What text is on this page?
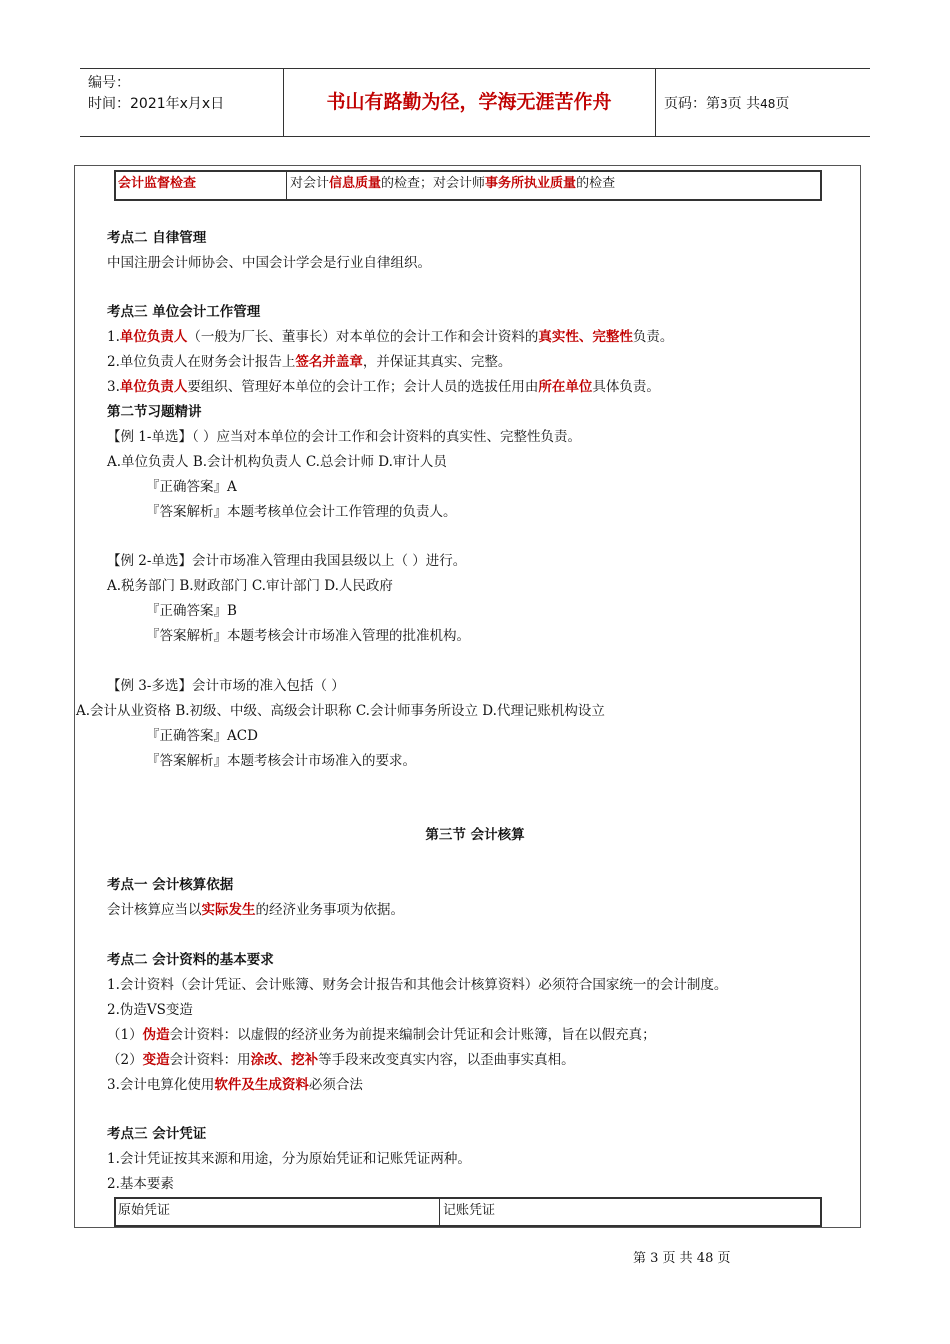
编号：
时间：2021年x月x日	书山有路勤为径，学海无涯苦作舟	页码：第3页 共48页
会计监督检查	对会计信息质量的检查；对会计师事务所执业质量的检查
考点二 自律管理
中国注册会计师协会、中国会计学会是行业自律组织。
考点三 单位会计工作管理
1.单位负责人（一般为厂长、董事长）对本单位的会计工作和会计资料的真实性、完整性负责。
2.单位负责人在财务会计报告上签名并盖章，并保证其真实、完整。
3.单位负责人要组织、管理好本单位的会计工作；会计人员的选拔任用由所在单位具体负责。
第二节习题精讲
【例 1-单选】（ ）应当对本单位的会计工作和会计资料的真实性、完整性负责。
A.单位负责人 B.会计机构负责人 C.总会计师 D.审计人员
『正确答案』A
『答案解析』本题考核单位会计工作管理的负责人。
【例 2-单选】会计市场准入管理由我国县级以上（ ）进行。
A.税务部门 B.财政部门 C.审计部门 D.人民政府
『正确答案』B
『答案解析』本题考核会计市场准入管理的批准机构。
【例 3-多选】会计市场的准入包括（ ）
A.会计从业资格 B.初级、中级、高级会计职称 C.会计师事务所设立 D.代理记账机构设立
『正确答案』ACD
『答案解析』本题考核会计市场准入的要求。
第三节 会计核算
考点一 会计核算依据
会计核算应当以实际发生的经济业务事项为依据。
考点二 会计资料的基本要求
1.会计资料（会计凭证、会计账簿、财务会计报告和其他会计核算资料）必须符合国家统一的会计制度。
2.伪造VS变造
（1）伪造会计资料：以虚假的经济业务为前提来编制会计凭证和会计账簿，旨在以假充真；
（2）变造会计资料：用涂改、挖补等手段来改变真实内容，以歪曲事实真相。
3.会计电算化使用软件及生成资料必须合法
考点三 会计凭证
1.会计凭证按其来源和用途，分为原始凭证和记账凭证两种。
2.基本要素
原始凭证	记账凭证
第 3 页 共 48 页
